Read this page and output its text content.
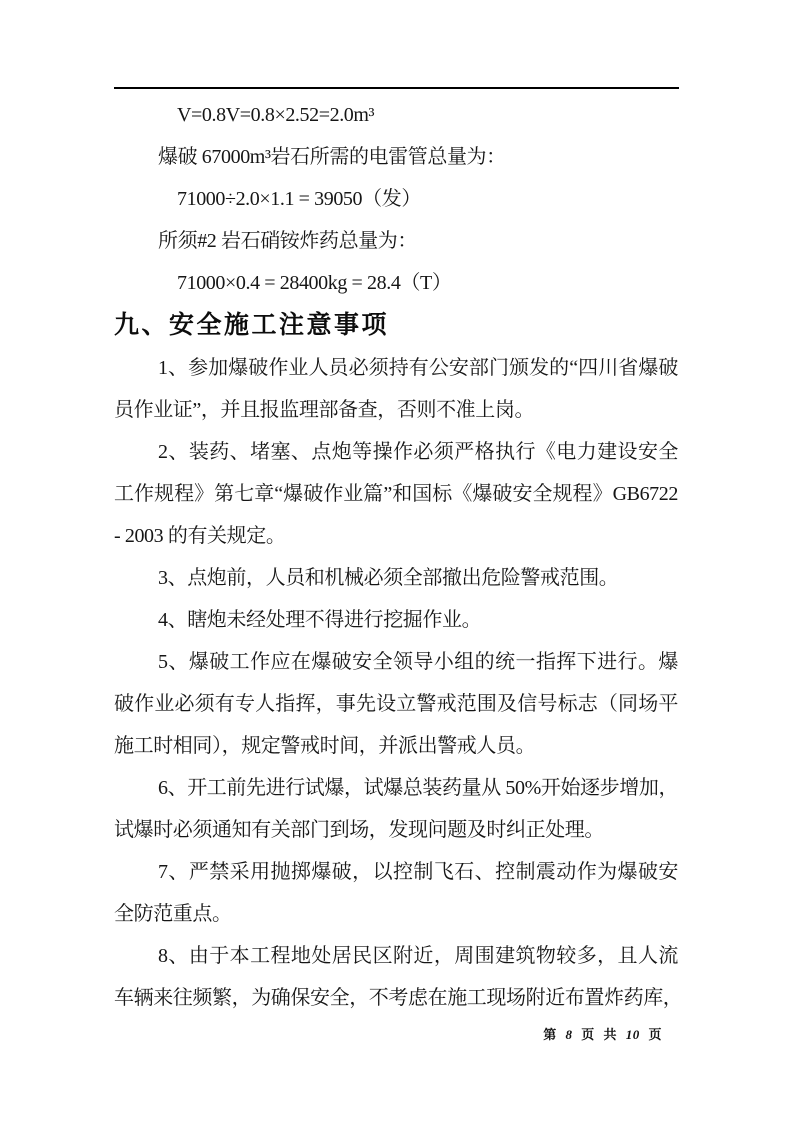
V=0.8V=0.8×2.52=2.0m³
爆破 67000m³岩石所需的电雷管总量为：
71000÷2.0×1.1 = 39050（发）
所须#2 岩石硝铵炸药总量为：
71000×0.4 = 28400kg = 28.4（T）
九、安全施工注意事项
1、参加爆破作业人员必须持有公安部门颁发的“四川省爆破
员作业证”，并且报监理部备查，否则不准上岗。
2、装药、堵塞、点炮等操作必须严格执行《电力建设安全
工作规程》第七章“爆破作业篇”和国标《爆破安全规程》GB6722
- 2003 的有关规定。
3、点炮前，人员和机械必须全部撤出危险警戒范围。
4、瞎炮未经处理不得进行挖掘作业。
5、爆破工作应在爆破安全领导小组的统一指挥下进行。爆
破作业必须有专人指挥，事先设立警戒范围及信号标志（同场平
施工时相同），规定警戒时间，并派出警戒人员。
6、开工前先进行试爆，试爆总装药量从 50%开始逐步增加，
试爆时必须通知有关部门到场，发现问题及时纠正处理。
7、严禁采用抛掷爆破，以控制飞石、控制震动作为爆破安
全防范重点。
8、由于本工程地处居民区附近，周围建筑物较多，且人流
车辆来往频繁，为确保安全，不考虑在施工现场附近布置炸药库，
第 8 页 共 10 页
